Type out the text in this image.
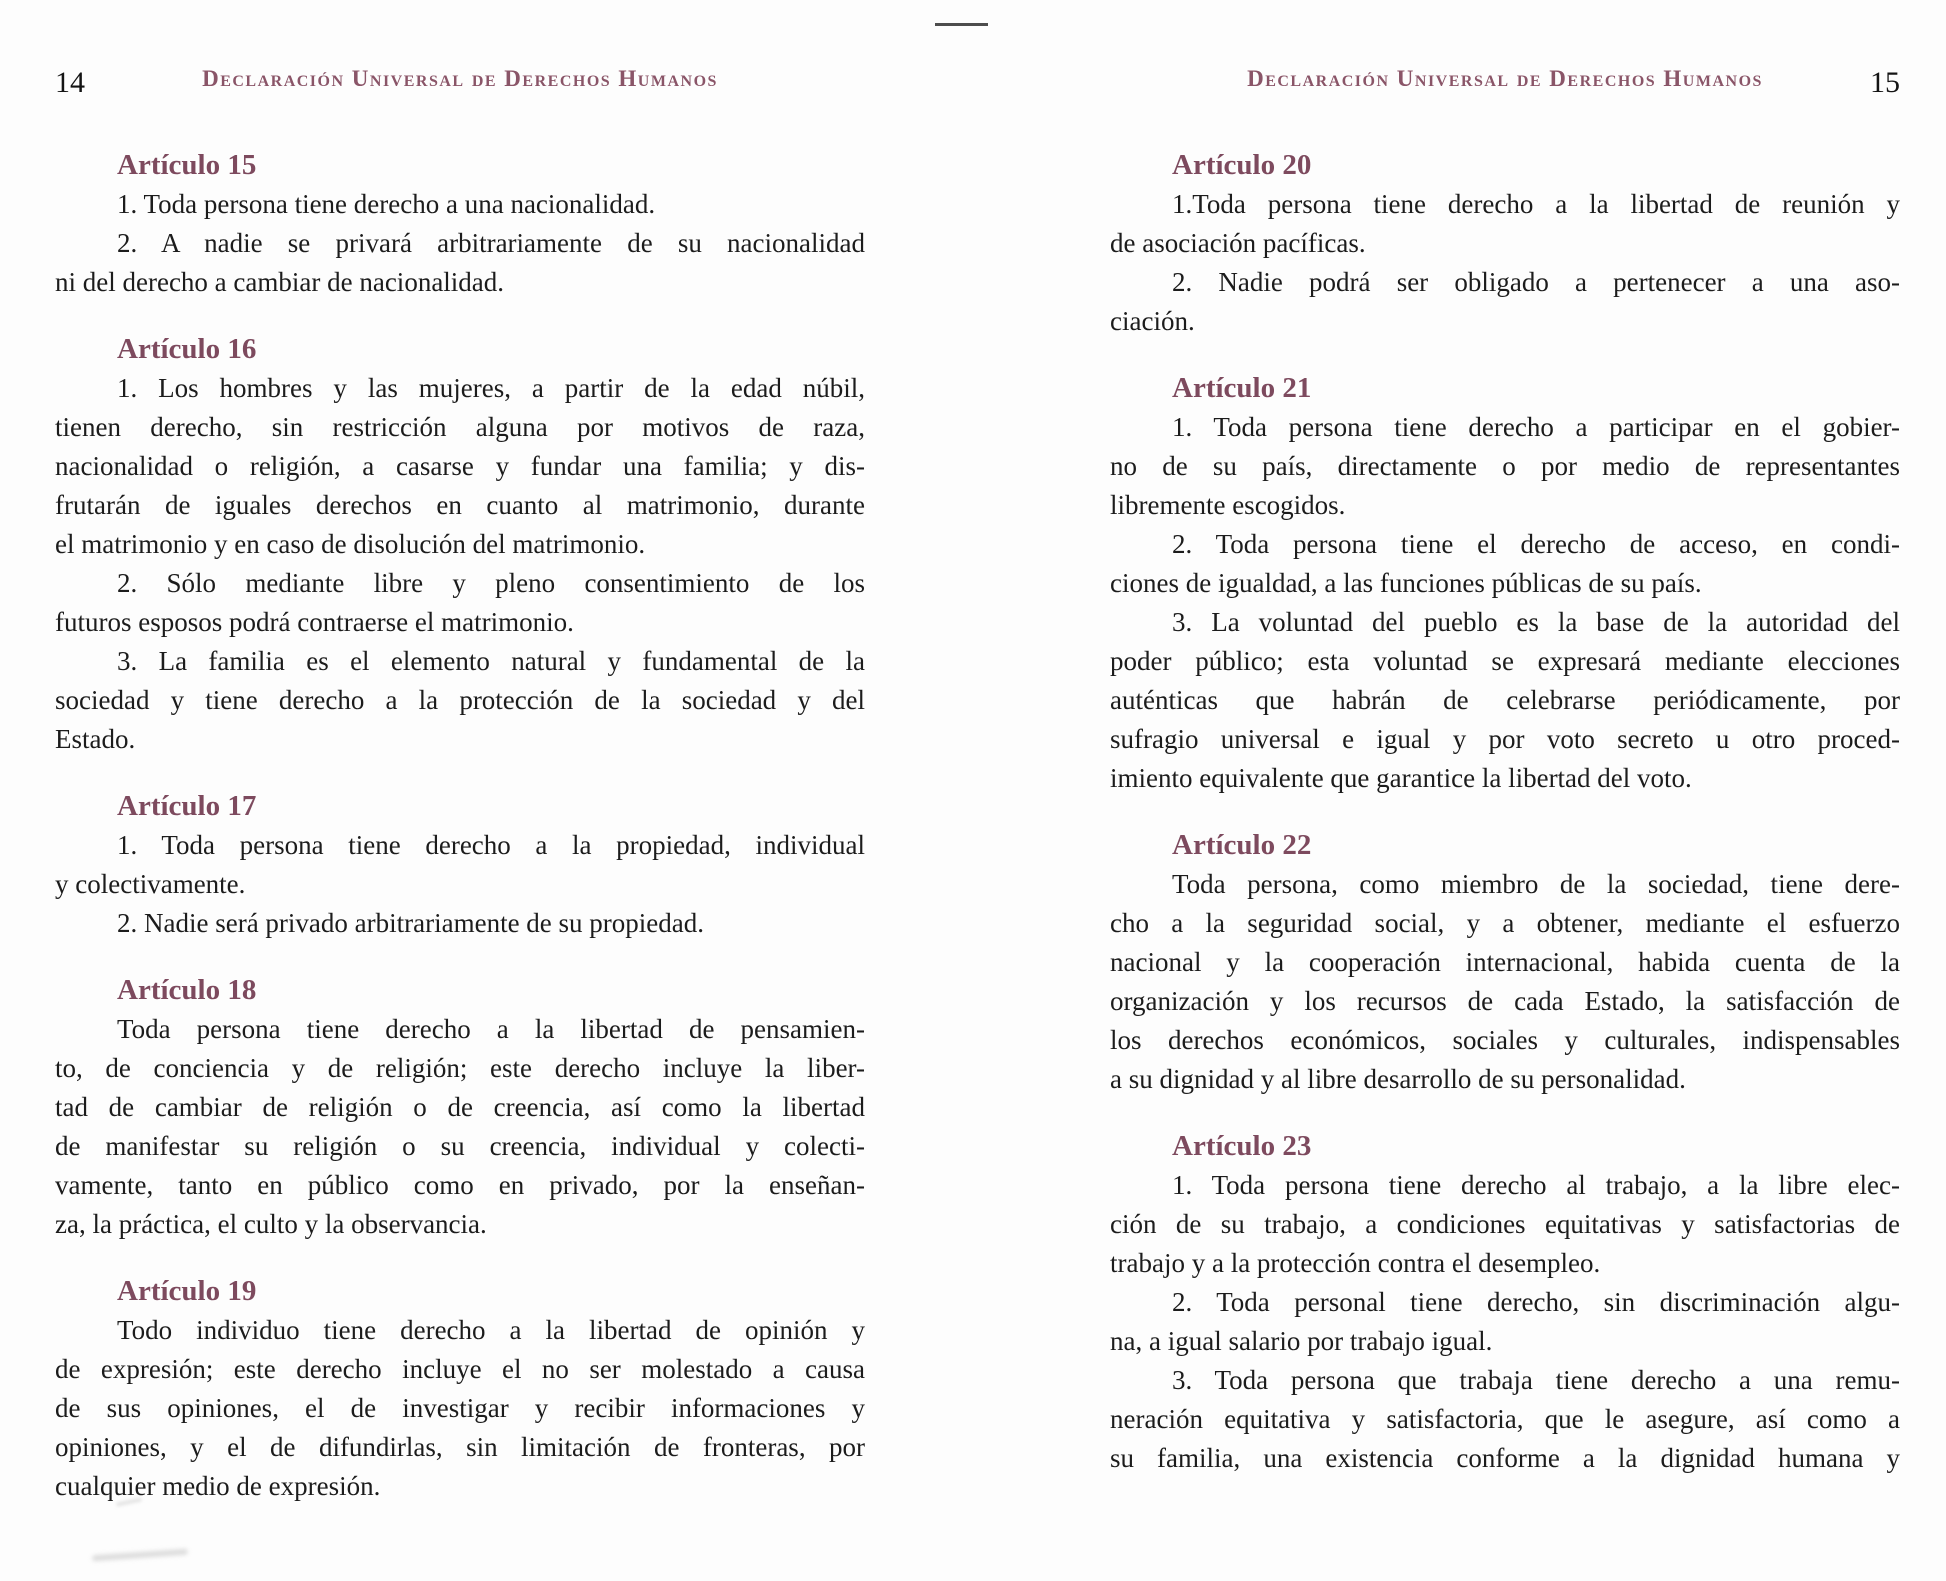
14	Declaración Universal de Derechos Humanos
Artículo 15
1. Toda persona tiene derecho a una nacionalidad.
2. A nadie se privará arbitrariamente de su nacionalidad
ni del derecho a cambiar de nacionalidad.
Artículo 16
1. Los hombres y las mujeres, a partir de la edad núbil,
tienen derecho, sin restricción alguna por motivos de raza,
nacionalidad o religión, a casarse y fundar una familia; y dis-
frutarán de iguales derechos en cuanto al matrimonio, durante
el matrimonio y en caso de disolución del matrimonio.
2. Sólo mediante libre y pleno consentimiento de los
futuros esposos podrá contraerse el matrimonio.
3. La familia es el elemento natural y fundamental de la
sociedad y tiene derecho a la protección de la sociedad y del
Estado.
Artículo 17
1. Toda persona tiene derecho a la propiedad, individual
y colectivamente.
2. Nadie será privado arbitrariamente de su propiedad.
Artículo 18
Toda persona tiene derecho a la libertad de pensamien-
to, de conciencia y de religión; este derecho incluye la liber-
tad de cambiar de religión o de creencia, así como la libertad
de manifestar su religión o su creencia, individual y colecti-
vamente, tanto en público como en privado, por la enseñan-
za, la práctica, el culto y la observancia.
Artículo 19
Todo individuo tiene derecho a la libertad de opinión y
de expresión; este derecho incluye el no ser molestado a causa
de sus opiniones, el de investigar y recibir informaciones y
opiniones, y el de difundirlas, sin limitación de fronteras, por
cualquier medio de expresión.
Declaración Universal de Derechos Humanos	15
Artículo 20
1.Toda persona tiene derecho a la libertad de reunión y
de asociación pacíficas.
2. Nadie podrá ser obligado a pertenecer a una aso-
ciación.
Artículo 21
1. Toda persona tiene derecho a participar en el gobier-
no de su país, directamente o por medio de representantes
libremente escogidos.
2. Toda persona tiene el derecho de acceso, en condi-
ciones de igualdad, a las funciones públicas de su país.
3. La voluntad del pueblo es la base de la autoridad del
poder público; esta voluntad se expresará mediante elecciones
auténticas que habrán de celebrarse periódicamente, por
sufragio universal e igual y por voto secreto u otro proced-
imiento equivalente que garantice la libertad del voto.
Artículo 22
Toda persona, como miembro de la sociedad, tiene dere-
cho a la seguridad social, y a obtener, mediante el esfuerzo
nacional y la cooperación internacional, habida cuenta de la
organización y los recursos de cada Estado, la satisfacción de
los derechos económicos, sociales y culturales, indispensables
a su dignidad y al libre desarrollo de su personalidad.
Artículo 23
1. Toda persona tiene derecho al trabajo, a la libre elec-
ción de su trabajo, a condiciones equitativas y satisfactorias de
trabajo y a la protección contra el desempleo.
2. Toda personal tiene derecho, sin discriminación algu-
na, a igual salario por trabajo igual.
3. Toda persona que trabaja tiene derecho a una remu-
neración equitativa y satisfactoria, que le asegure, así como a
su familia, una existencia conforme a la dignidad humana y
